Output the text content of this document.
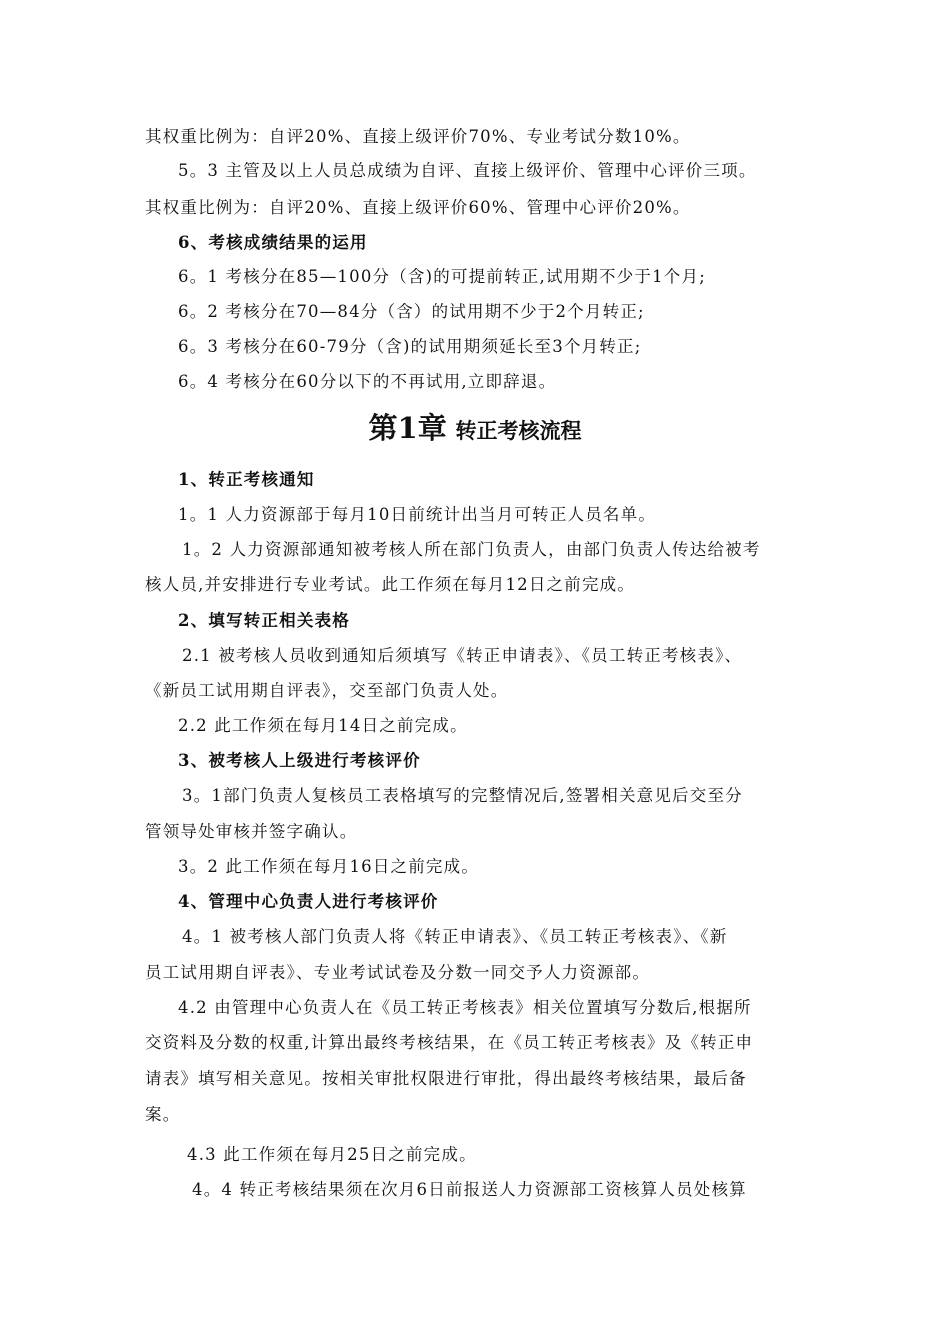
其权重比例为：自评20%、直接上级评价70%、专业考试分数10%。
5。3 主管及以上人员总成绩为自评、直接上级评价、管理中心评价三项。
其权重比例为：自评20%、直接上级评价60%、管理中心评价20%。
6、考核成绩结果的运用
6。1 考核分在85—100分（含)的可提前转正,试用期不少于1个月;
6。2 考核分在70—84分（含）的试用期不少于2个月转正;
6。3 考核分在60-79分（含)的试用期须延长至3个月转正;
6。4 考核分在60分以下的不再试用,立即辞退。
第1章 转正考核流程
1、转正考核通知
1。1 人力资源部于每月10日前统计出当月可转正人员名单。
1。2 人力资源部通知被考核人所在部门负责人，由部门负责人传达给被考
核人员,并安排进行专业考试。此工作须在每月12日之前完成。
2、填写转正相关表格
2.1 被考核人员收到通知后须填写《转正申请表》、《员工转正考核表》、
《新员工试用期自评表》，交至部门负责人处。
2.2 此工作须在每月14日之前完成。
3、被考核人上级进行考核评价
3。1部门负责人复核员工表格填写的完整情况后,签署相关意见后交至分
管领导处审核并签字确认。
3。2 此工作须在每月16日之前完成。
4、管理中心负责人进行考核评价
4。1 被考核人部门负责人将《转正申请表》、《员工转正考核表》、《新
员工试用期自评表》、专业考试试卷及分数一同交予人力资源部。
4.2 由管理中心负责人在《员工转正考核表》相关位置填写分数后,根据所
交资料及分数的权重,计算出最终考核结果，在《员工转正考核表》及《转正申
请表》填写相关意见。按相关审批权限进行审批，得出最终考核结果，最后备
案。
4.3 此工作须在每月25日之前完成。
4。4 转正考核结果须在次月6日前报送人力资源部工资核算人员处核算
